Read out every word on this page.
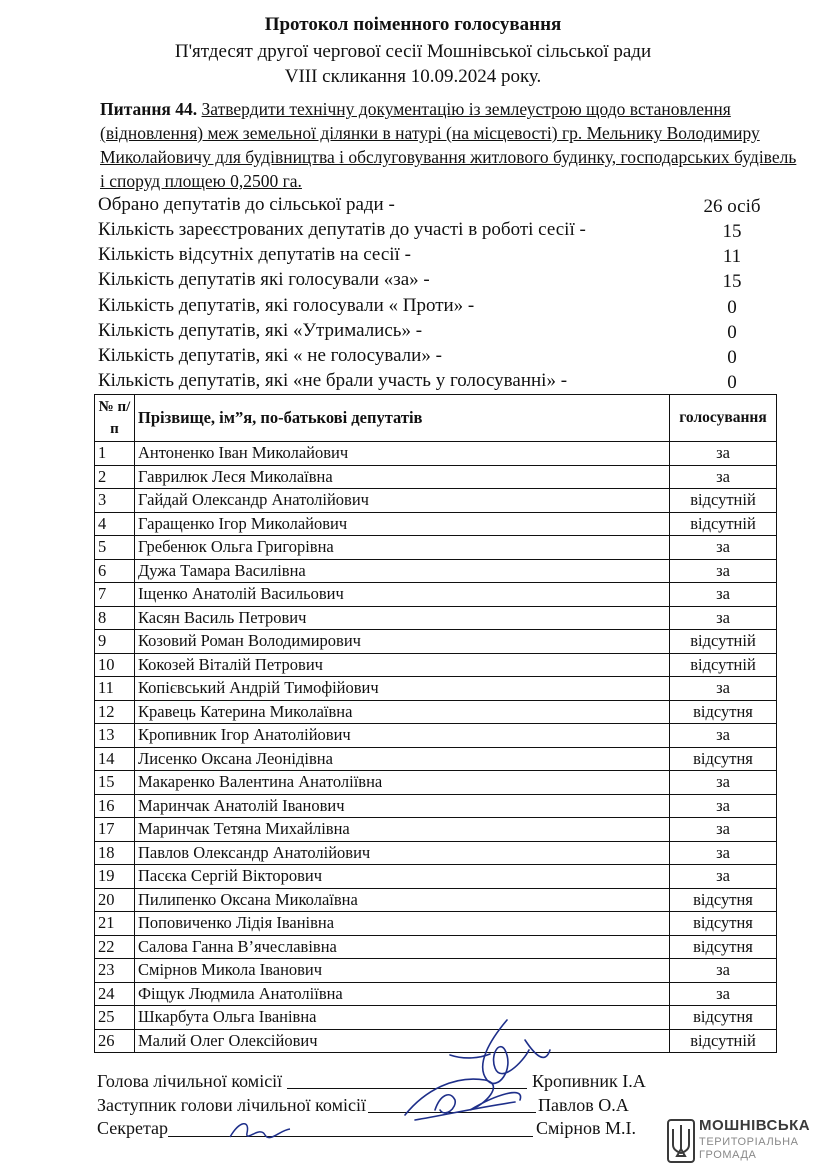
Протокол поіменного голосування
П'ятдесят другої чергової сесії Мошнівської сільської ради
VIII скликання 10.09.2024 року.
Питання 44. Затвердити технічну документацію із землеустрою щодо встановлення (відновлення) меж земельної ділянки в натурі (на місцевості) гр. Мельнику Володимиру Миколайовичу для будівництва і обслуговування житлового будинку, господарських будівель і споруд площею 0,2500 га.
Обрано депутатів до сільської ради -	26 осіб
Кількість зареєстрованих депутатів до участі в роботі сесії -	15
Кількість відсутніх депутатів на сесії -	11
Кількість депутатів які голосували «за» -	15
Кількість депутатів, які голосували « Проти» -	0
Кількість депутатів, які «Утримались» -	0
Кількість депутатів, які « не голосували» -	0
Кількість депутатів, які «не брали участь у голосуванні» -	0
№ п/п	Прізвище, ім”я, по-батькові депутатів	голосування
1	Антоненко Іван Миколайович	за
2	Гаврилюк Леся Миколаївна	за
3	Гайдай Олександр Анатолійович	відсутній
4	Гаращенко Ігор Миколайович	відсутній
5	Гребенюк Ольга Григорівна	за
6	Дужа Тамара Василівна	за
7	Іщенко Анатолій Васильович	за
8	Касян Василь Петрович	за
9	Козовий Роман Володимирович	відсутній
10	Кокозей Віталій Петрович	відсутній
11	Копієвський Андрій Тимофійович	за
12	Кравець Катерина Миколаївна	відсутня
13	Кропивник Ігор Анатолійович	за
14	Лисенко Оксана Леонідівна	відсутня
15	Макаренко Валентина Анатоліївна	за
16	Маринчак Анатолій Іванович	за
17	Маринчак Тетяна Михайлівна	за
18	Павлов Олександр Анатолійович	за
19	Пасєка Сергій Вікторович	за
20	Пилипенко Оксана Миколаївна	відсутня
21	Поповиченко Лідія Іванівна	відсутня
22	Салова Ганна В’ячеславівна	відсутня
23	Смірнов Микола Іванович	за
24	Фіщук Людмила Анатоліївна	за
25	Шкарбута Ольга Іванівна	відсутня
26	Малий Олег Олексійович	відсутній
Голова лічильної комісії	Кропивник І.А
Заступник голови лічильної комісії	Павлов О.А
Секретар	Смірнов М.І.	МОШНІВСЬКА
ТЕРИТОРІАЛЬНА
ГРОМАДА
